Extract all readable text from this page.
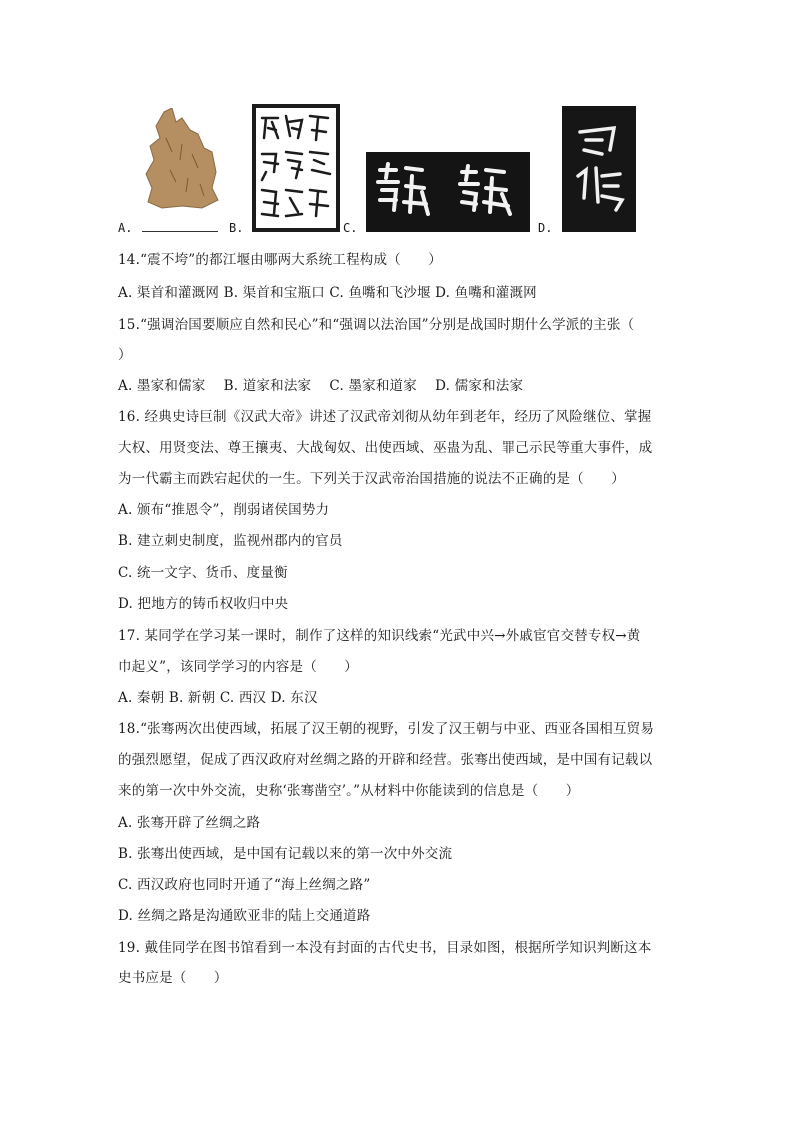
A.	B.	C.	D.
14.“震不垮”的都江堰由哪两大系统工程构成（　　）
A. 渠首和灌溉网 B. 渠首和宝瓶口 C. 鱼嘴和飞沙堰 D. 鱼嘴和灌溉网
15.“强调治国要顺应自然和民心”和“强调以法治国”分别是战国时期什么学派的主张（
）
A. 墨家和儒家　 B. 道家和法家　 C. 墨家和道家　 D. 儒家和法家
16. 经典史诗巨制《汉武大帝》讲述了汉武帝刘彻从幼年到老年，经历了风险继位、掌握
大权、用贤变法、尊王攘夷、大战匈奴、出使西域、巫蛊为乱、罪己示民等重大事件，成
为一代霸主而跌宕起伏的一生。下列关于汉武帝治国措施的说法不正确的是（　　）
A. 颁布“推恩令”，削弱诸侯国势力
B. 建立刺史制度，监视州郡内的官员
C. 统一文字、货币、度量衡
D. 把地方的铸币权收归中央
17. 某同学在学习某一课时，制作了这样的知识线索“光武中兴→外戚宦官交替专权→黄
巾起义”，该同学学习的内容是（　　）
A. 秦朝 B. 新朝 C. 西汉 D. 东汉
18.“张骞两次出使西域，拓展了汉王朝的视野，引发了汉王朝与中亚、西亚各国相互贸易
的强烈愿望，促成了西汉政府对丝绸之路的开辟和经营。张骞出使西域，是中国有记载以
来的第一次中外交流，史称‘张骞凿空’。”从材料中你能读到的信息是（　　）
A. 张骞开辟了丝绸之路
B. 张骞出使西域，是中国有记载以来的第一次中外交流
C. 西汉政府也同时开通了“海上丝绸之路”
D. 丝绸之路是沟通欧亚非的陆上交通道路
19. 戴佳同学在图书馆看到一本没有封面的古代史书，目录如图，根据所学知识判断这本
史书应是（　　）
